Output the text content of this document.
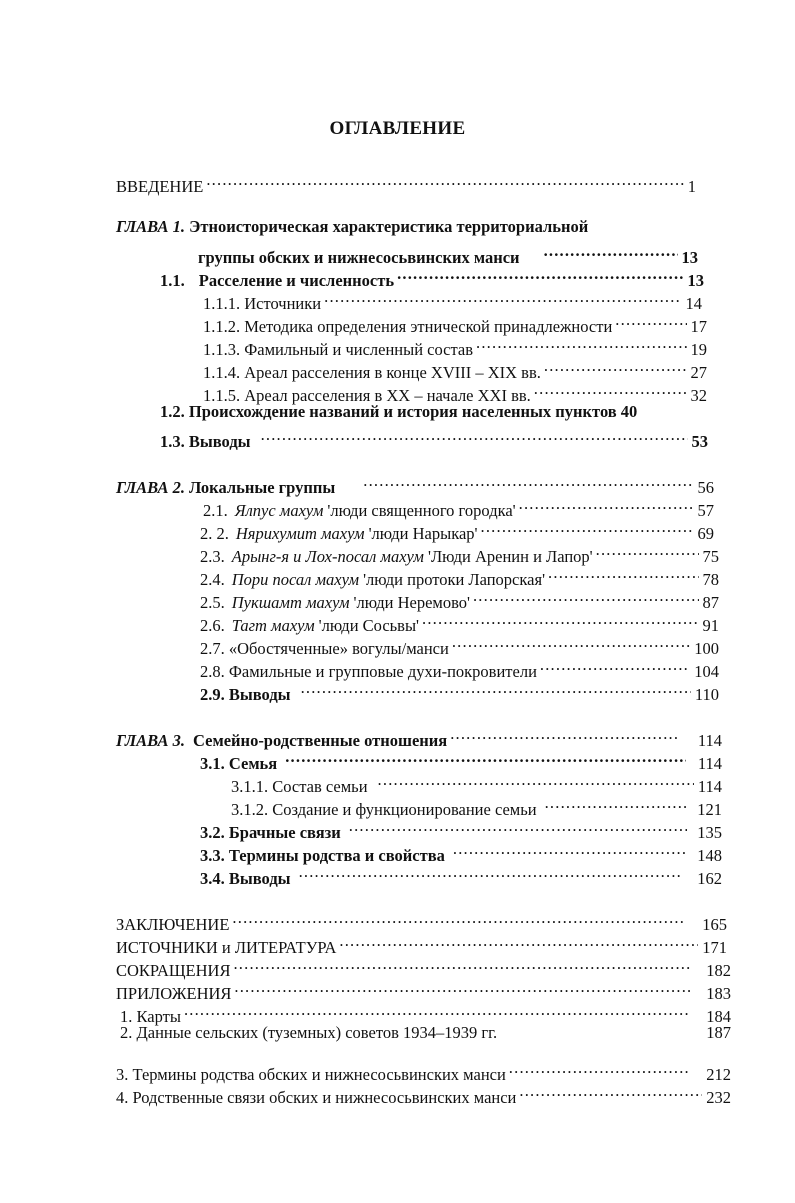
ОГЛАВЛЕНИЕ
ВВЕДЕНИЕ .....	1
ГЛАВА 1. Этноисторическая характеристика территориальной
группы обских и нижнесосьвинских манси .....	13
1.1. Расселение и численность .....	13
1.1.1. Источники .....	14
1.1.2. Методика определения этнической принадлежности .....	17
1.1.3. Фамильный и численный состав .....	19
1.1.4. Ареал расселения в конце XVIII – XIX вв. .....	27
1.1.5. Ареал расселения в XX – начале XXI вв. .....	32
1.2. Происхождение названий и история населенных пунктов 40
1.3. Выводы .....	53
ГЛАВА 2. Локальные группы .....	56
2.1. Ялпус махум 'люди священного городка' .....	57
2. 2. Нярихумит махум 'люди Нарыкар' .....	69
2.3. Арынг-я и Лох-посал махум 'Люди Аренин и Лапор' .....	75
2.4. Пори посал махум 'люди протоки Лапорская' .....	78
2.5. Пукшамт махум 'люди Неремово' .....	87
2.6. Тагт махум 'люди Сосьвы' .....	91
2.7. «Обостяченные» вогулы/манси .....	100
2.8. Фамильные и групповые духи-покровители .....	104
2.9. Выводы .....	110
ГЛАВА 3. Семейно-родственные отношения .....	114
3.1. Семья .....	114
3.1.1. Состав семьи .....	114
3.1.2. Создание и функционирование семьи .....	121
3.2. Брачные связи .....	135
3.3. Термины родства и свойства .....	148
3.4. Выводы .....	162
ЗАКЛЮЧЕНИЕ .....	165
ИСТОЧНИКИ и ЛИТЕРАТУРА .....	171
СОКРАЩЕНИЯ .....	182
ПРИЛОЖЕНИЯ .....	183
1. Карты .....	184
2. Данные сельских (туземных) советов 1934–1939 гг.	187
3. Термины родства обских и нижнесосьвинских манси .....	212
4. Родственные связи обских и нижнесосьвинских манси .....	232
